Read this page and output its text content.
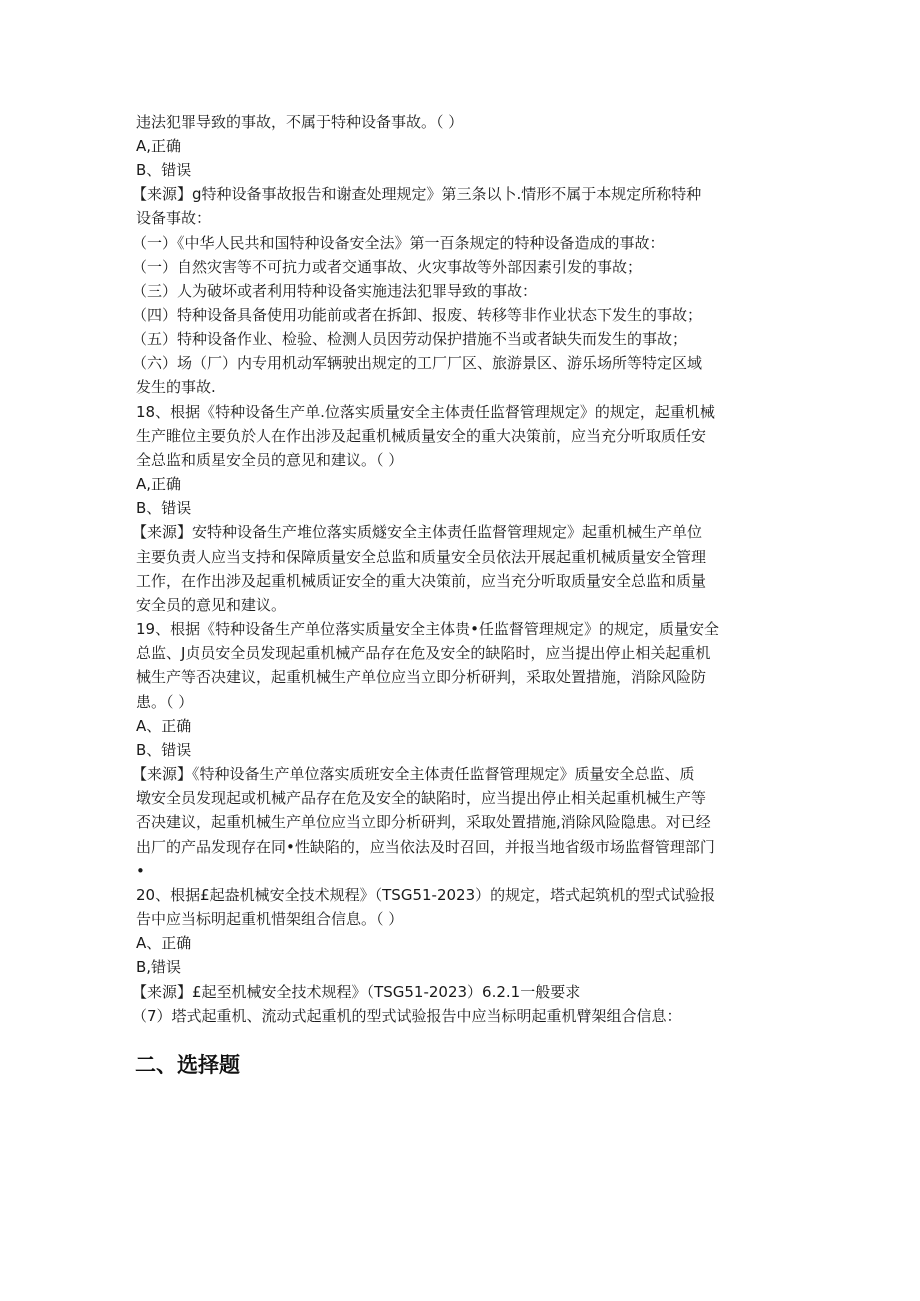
违法犯罪导致的事故，不属于特种设备事故。（ ）
A,正确
B、错误
【来源】g特种设备事故报告和谢查处理规定》第三条以卜.情形不属于本规定所称特种
设备事故：
（一）《中华人民共和国特种设备安全法》第一百条规定的特种设备造成的事故：
（一）自然灾害等不可抗力或者交通事故、火灾事故等外部因素引发的事故；
（三）人为破坏或者利用特种设备实施违法犯罪导致的事故：
（四）特种设备具备使用功能前或者在拆卸、报废、转移等非作业状态下发生的事故；
（五）特种设备作业、检验、检测人员因劳动保护措施不当或者缺失而发生的事故；
（六）场（厂）内专用机动军辆驶出规定的工厂厂区、旅游景区、游乐场所等特定区域
发生的事故.
18、根据《特种设备生产单.位落实质量安全主体责任监督管理规定》的规定，起重机械
生产睢位主要负於人在作出涉及起重机械质量安全的重大决策前，应当充分听取质任安
全总监和质星安全员的意见和建议。（ ）
A,正确
B、错误
【来源】安特种设备生产堆位落实质燧安全主体责任监督管理规定》起重机械生产单位
主要负责人应当支持和保障质量安全总监和质量安全员依法开展起重机械质量安全管理
工作，在作出涉及起重机械质证安全的重大决策前，应当充分听取质量安全总监和质量
安全员的意见和建议。
19、根据《特种设备生产单位落实质量安全主体贵•任监督管理规定》的规定，质量安全
总监、J贞员安全员发现起重机械产品存在危及安全的缺陷时，应当提出停止相关起重机
械生产等否决建议，起重机械生产单位应当立即分析研判，采取处置措施，消除风险防
患。（ ）
A、正确
B、错误
【来源】《特种设备生产单位落实质班安全主体责任监督管理规定》质量安全总监、质
墩安全员发现起或机械产品存在危及安全的缺陷时，应当提出停止相关起重机械生产等
否决建议，起重机械生产单位应当立即分析研判，采取处置措施,消除风险隐患。对已经
出厂的产品发现存在同•性缺陷的，应当依法及时召回，并报当地省级市场监督管理部门
•
20、根据£起盎机械安全技术规程》（TSG51-2023）的规定，塔式起筑机的型式试验报
告中应当标明起重机惜架组合信息。（ ）
A、正确
B,错误
【来源】£起至机械安全技术规程》（TSG51-2023）6.2.1一般要求
（7）塔式起重机、流动式起重机的型式试验报告中应当标明起重机臂架组合信息：
二、选择题
